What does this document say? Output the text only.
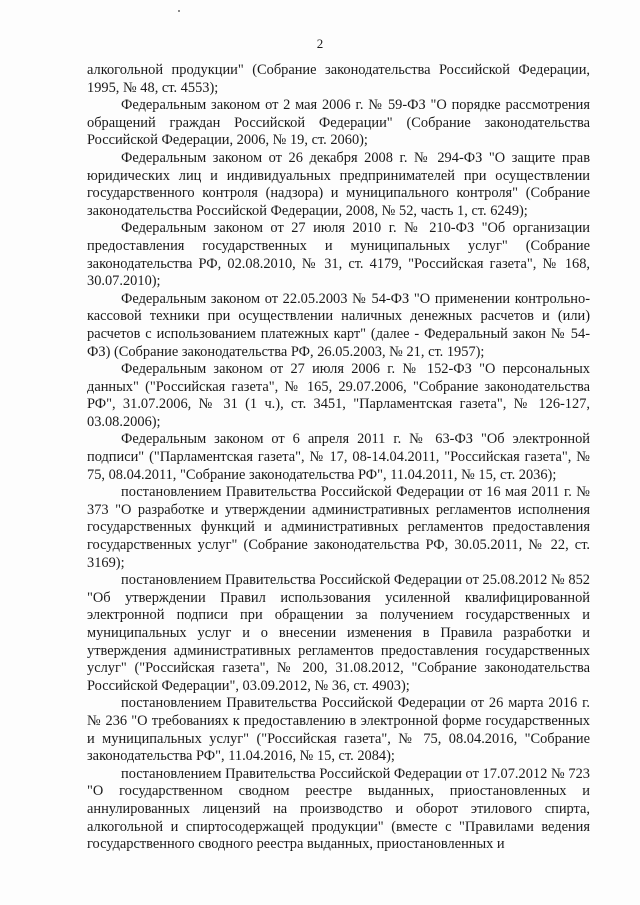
2

алкогольной продукции" (Собрание законодательства Российской Федерации, 1995, № 48, ст. 4553);

Федеральным законом от 2 мая 2006 г. № 59-ФЗ "О порядке рассмотрения обращений граждан Российской Федерации" (Собрание законодательства Российской Федерации, 2006, № 19, ст. 2060);

Федеральным законом от 26 декабря 2008 г. № 294-ФЗ "О защите прав юридических лиц и индивидуальных предпринимателей при осуществлении государственного контроля (надзора) и муниципального контроля" (Собрание законодательства Российской Федерации, 2008, № 52, часть 1, ст. 6249);

Федеральным законом от 27 июля 2010 г. № 210-ФЗ "Об организации предоставления государственных и муниципальных услуг" (Собрание законодательства РФ, 02.08.2010, № 31, ст. 4179, "Российская газета", № 168, 30.07.2010);

Федеральным законом от 22.05.2003 № 54-ФЗ "О применении контрольно-кассовой техники при осуществлении наличных денежных расчетов и (или) расчетов с использованием платежных карт" (далее - Федеральный закон № 54-ФЗ) (Собрание законодательства РФ, 26.05.2003, № 21, ст. 1957);

Федеральным законом от 27 июля 2006 г. № 152-ФЗ "О персональных данных" ("Российская газета", № 165, 29.07.2006, "Собрание законодательства РФ", 31.07.2006, № 31 (1 ч.), ст. 3451, "Парламентская газета", № 126-127, 03.08.2006);

Федеральным законом от 6 апреля 2011 г. № 63-ФЗ "Об электронной подписи" ("Парламентская газета", № 17, 08-14.04.2011, "Российская газета", № 75, 08.04.2011, "Собрание законодательства РФ", 11.04.2011, № 15, ст. 2036);

постановлением Правительства Российской Федерации от 16 мая 2011 г. № 373 "О разработке и утверждении административных регламентов исполнения государственных функций и административных регламентов предоставления государственных услуг" (Собрание законодательства РФ, 30.05.2011, № 22, ст. 3169);

постановлением Правительства Российской Федерации от 25.08.2012 № 852 "Об утверждении Правил использования усиленной квалифицированной электронной подписи при обращении за получением государственных и муниципальных услуг и о внесении изменения в Правила разработки и утверждения административных регламентов предоставления государственных услуг" ("Российская газета", № 200, 31.08.2012, "Собрание законодательства Российской Федерации", 03.09.2012, № 36, ст. 4903);

постановлением Правительства Российской Федерации от 26 марта 2016 г. № 236 "О требованиях к предоставлению в электронной форме государственных и муниципальных услуг" ("Российская газета", № 75, 08.04.2016, "Собрание законодательства РФ", 11.04.2016, № 15, ст. 2084);

постановлением Правительства Российской Федерации от 17.07.2012 № 723 "О государственном сводном реестре выданных, приостановленных и аннулированных лицензий на производство и оборот этилового спирта, алкогольной и спиртосодержащей продукции" (вместе с "Правилами ведения государственного сводного реестра выданных, приостановленных и
